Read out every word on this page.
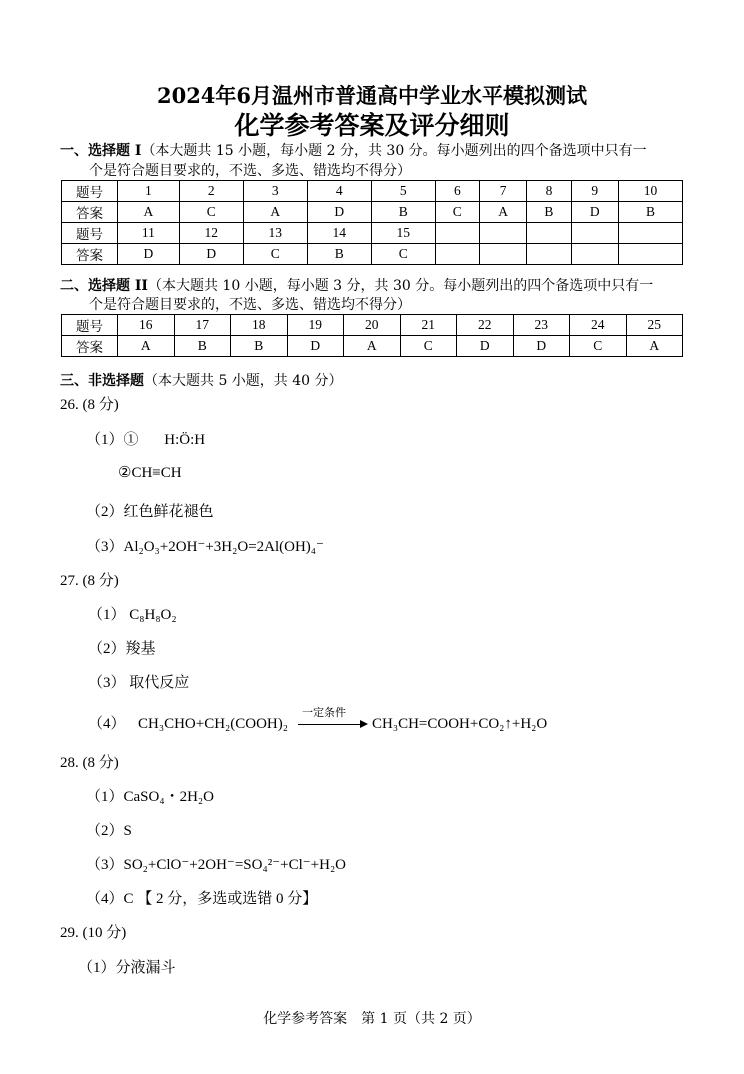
2024年6月温州市普通高中学业水平模拟测试
化学参考答案及评分细则
一、选择题 I（本大题共 15 小题，每小题 2 分，共 30 分。每小题列出的四个备选项中只有一
个是符合题目要求的，不选、多选、错选均不得分）
题号	1	2	3	4	5	6	7	8	9	10
答案	A	C	A	D	B	C	A	B	D	B
题号	11	12	13	14	15					
答案	D	D	C	B	C					
二、选择题 II（本大题共 10 小题，每小题 3 分，共 30 分。每小题列出的四个备选项中只有一
个是符合题目要求的，不选、多选、错选均不得分）
题号	16	17	18	19	20	21	22	23	24	25
答案	A	B	B	D	A	C	D	D	C	A
三、非选择题（本大题共 5 小题，共 40 分）
26. (8 分)
（1）① H:Ö:H
②CH≡CH
（2）红色鲜花褪色
（3）Al₂O₃+2OH⁻+3H₂O=2Al(OH)₄⁻
27. (8 分)
（1） C₈H₈O₂
（2）羧基
（3） 取代反应
（4） CH₃CHO+CH₂(COOH)₂
一定条件
CH₃CH=COOH+CO₂↑+H₂O
28. (8 分)
（1）CaSO₄・2H₂O
（2）S
（3）SO₂+ClO⁻+2OH⁻=SO₄²⁻+Cl⁻+H₂O
（4）C 【 2 分，多选或选错 0 分】
29. (10 分)
（1）分液漏斗
化学参考答案　第 1 页（共 2 页）
